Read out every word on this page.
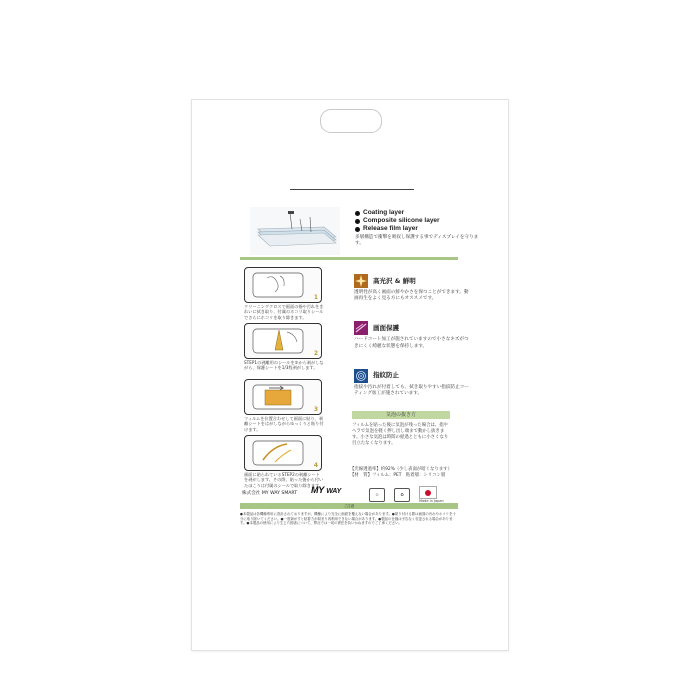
Coating layer
Composite silicone layer
Release film layer
多層構造で衝撃を吸収し保護する事でディスプレイを守ります。
1
クリーニングクロスで画面の指や汚れをきれいに拭き取り、付属のホコリ取りシールでさらにホコリを取り除きます。
2
STEP1の剥離用のシールを①から剥がしながら、保護シートを1/3程剥がします。
3
フィルムを位置合わせして画面に貼り、剥離シートをはがしながらゆっくりと貼り付けます。
4
画面に貼られているSTEP2の剥離シートを剥がします。その際、貼った後から付いたほこりは付属のシールで取り除きます。
高光沢 & 鮮明
透明性が高く画面の鮮やかさを保つことができます。動画再生をよく見る方にもオススメです。
画面保護
ハードコート加工が施されていますので小さなキズがつきにくく綺麗な状態を保持します。
指紋防止
指紋や汚れが付着しても、拭き取りやすい指紋防止コーティング加工が施されています。
気泡の抜き方
フィルムを貼った後に気泡が残った場合は、指やヘラで気泡を軽く押し出し端まで動かし抜きます。小さな気泡は時間の経過とともに小さくなり目立たなくなります。
【光線透過率】約92%（少し表面が暗くなります）
【材　質】フィルム：PET　粘着層：シリコン層
♲	♻
Made in Japan
株式会社 MY WAY SMART MY WAY
ご注意
●本製品は各機種専用に設計されておりますが、機種により完全に画面を覆えない場合があります。●貼り付ける際は画面の汚れやホコリを十分に取り除いてください。●一度剥がすと粘着力が弱まり再利用できない場合があります。●製品の仕様は予告なく変更される場合があります。●本製品の使用により生じた損害について、弊社では一切の責任を負いかねますのでご了承ください。
